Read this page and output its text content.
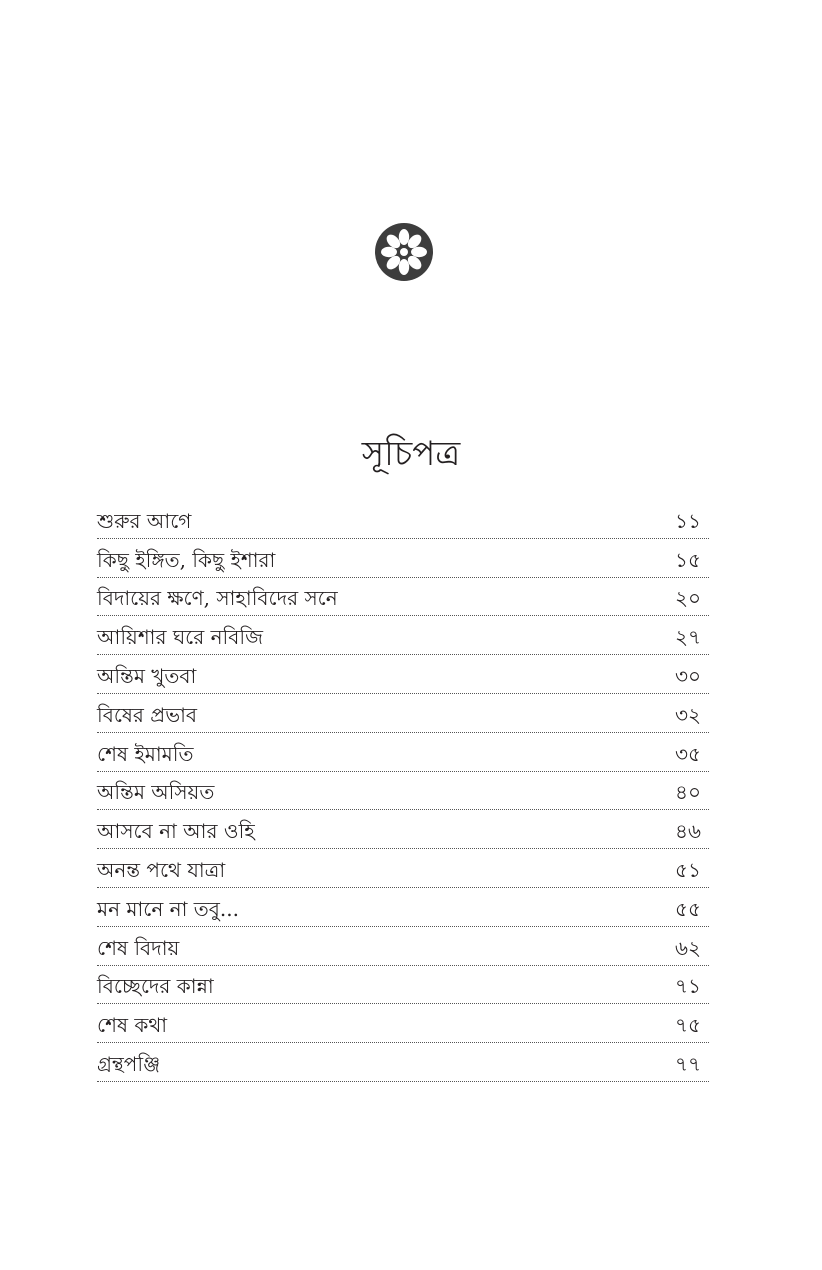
সূচিপত্র
শুরুর আগে	১১
কিছু ইঙ্গিত, কিছু ইশারা	১৫
বিদায়ের ক্ষণে, সাহাবিদের সনে	২০
আয়িশার ঘরে নবিজি	২৭
অন্তিম খুতবা	৩০
বিষের প্রভাব	৩২
শেষ ইমামতি	৩৫
অন্তিম অসিয়ত	৪০
আসবে না আর ওহি	৪৬
অনন্ত পথে যাত্রা	৫১
মন মানে না তবু...	৫৫
শেষ বিদায়	৬২
বিচ্ছেদের কান্না	৭১
শেষ কথা	৭৫
গ্রন্থপঞ্জি	৭৭
